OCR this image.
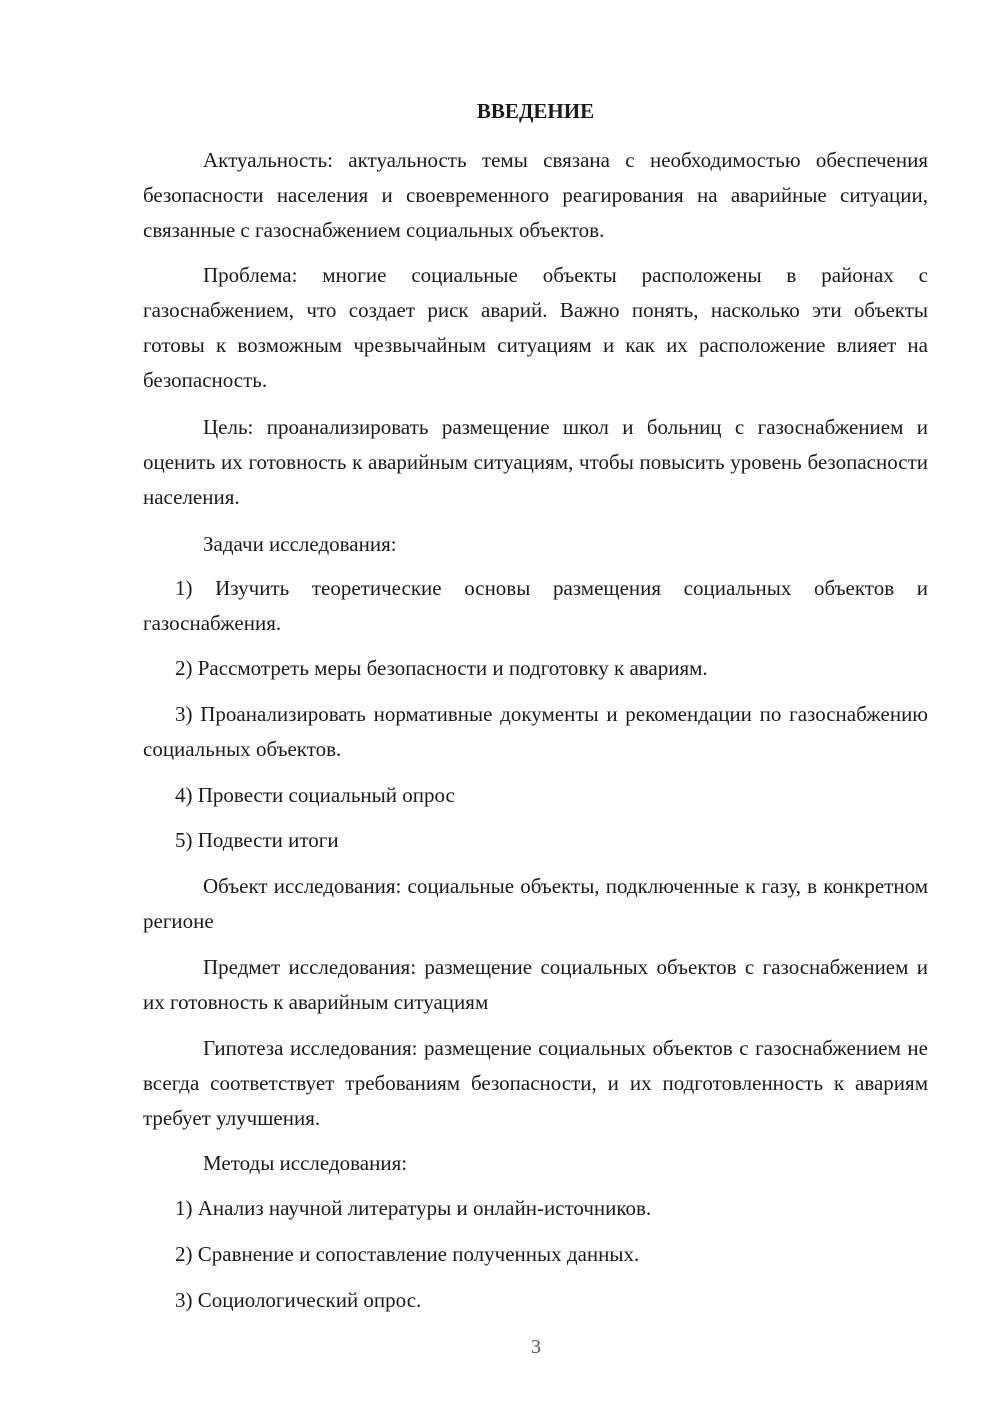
ВВЕДЕНИЕ

Актуальность: актуальность темы связана с необходимостью обеспечения безопасности населения и своевременного реагирования на аварийные ситуации, связанные с газоснабжением социальных объектов.

Проблема: многие социальные объекты расположены в районах с газоснабжением, что создает риск аварий. Важно понять, насколько эти объекты готовы к возможным чрезвычайным ситуациям и как их расположение влияет на безопасность.

Цель: проанализировать размещение школ и больниц с газоснабжением и оценить их готовность к аварийным ситуациям, чтобы повысить уровень безопасности населения.

Задачи исследования:

1) Изучить теоретические основы размещения социальных объектов и газоснабжения.

2) Рассмотреть меры безопасности и подготовку к авариям.

3) Проанализировать нормативные документы и рекомендации по газоснабжению социальных объектов.

4) Провести социальный опрос

5) Подвести итоги

Объект исследования: социальные объекты, подключенные к газу, в конкретном регионе

Предмет исследования: размещение социальных объектов с газоснабжением и их готовность к аварийным ситуациям

Гипотеза исследования: размещение социальных объектов с газоснабжением не всегда соответствует требованиям безопасности, и их подготовленность к авариям требует улучшения.

Методы исследования:

1) Анализ научной литературы и онлайн-источников.

2) Сравнение и сопоставление полученных данных.

3) Социологический опрос.

3
